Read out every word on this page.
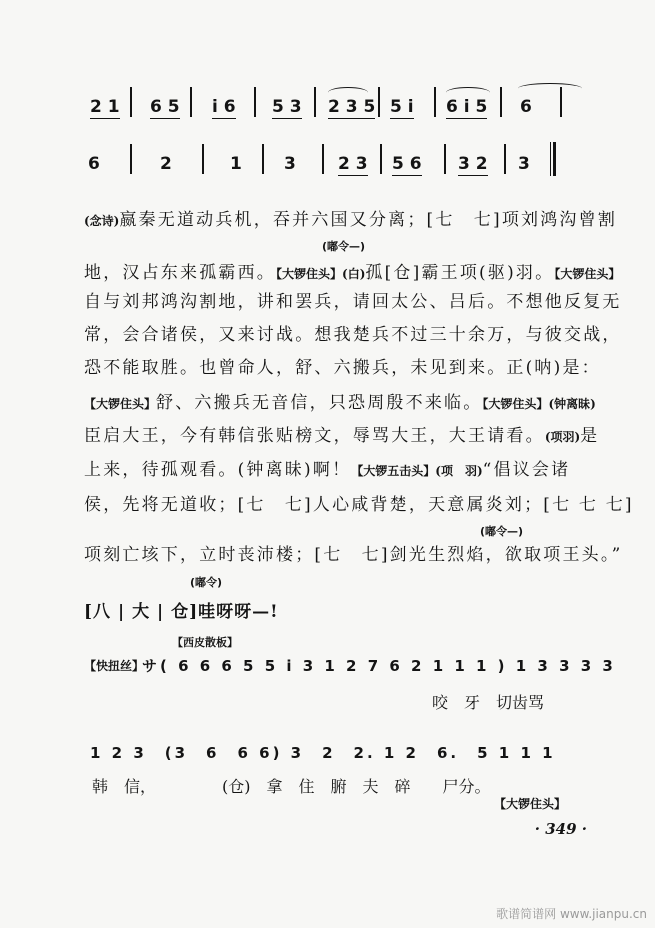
2 1 6 5 i 6 5 3 2 3 5 5 i 6 i 5 6
6	2	1 3 2 3 5 6 3 2 3
(念诗)嬴秦无道动兵机，吞并六国又分离；[七　七]项刘鸿沟曾割
(嘟令—)
地，汉占东来孤霸西。【大锣住头】(白)孤[仓]霸王项(驱)羽。【大锣住头】
自与刘邦鸿沟割地，讲和罢兵，请回太公、吕后。不想他反复无
常，会合诸侯，又来讨战。想我楚兵不过三十余万，与彼交战，
恐不能取胜。也曾命人，舒、六搬兵，未见到来。正(呐)是：
【大锣住头】舒、六搬兵无音信，只恐周殷不来临。【大锣住头】(钟离昧)
臣启大王，今有韩信张贴榜文，辱骂大王，大王请看。(项羽)是
上来，待孤观看。(钟离昧)啊！【大锣五击头】(项　羽)“倡议会诸
侯，先将无道收；[七　七]人心咸背楚，天意属炎刘；[七 七 七]
(嘟令—)
项刻亡垓下，立时丧沛楼；[七　七]剑光生烈焰，欲取项王头。”
(嘟令)
[八 | 大 | 仓]哇呀呀—!
【西皮散板】
【快扭丝】
サ( 6 6 6 5 5 i 3 1 2 7 6 2 1 1 1 ) 1 3 3 3 3
咬　牙　切齿骂
1 2 3　(3　6　6 6) 3　2　2. 1 2　6.　5 1 1 1
韩　信，	(仓)　拿　住　腑　夫　碎　　尸分。
【大锣住头】
· 349 ·
歌谱简谱网 www.jianpu.cn
